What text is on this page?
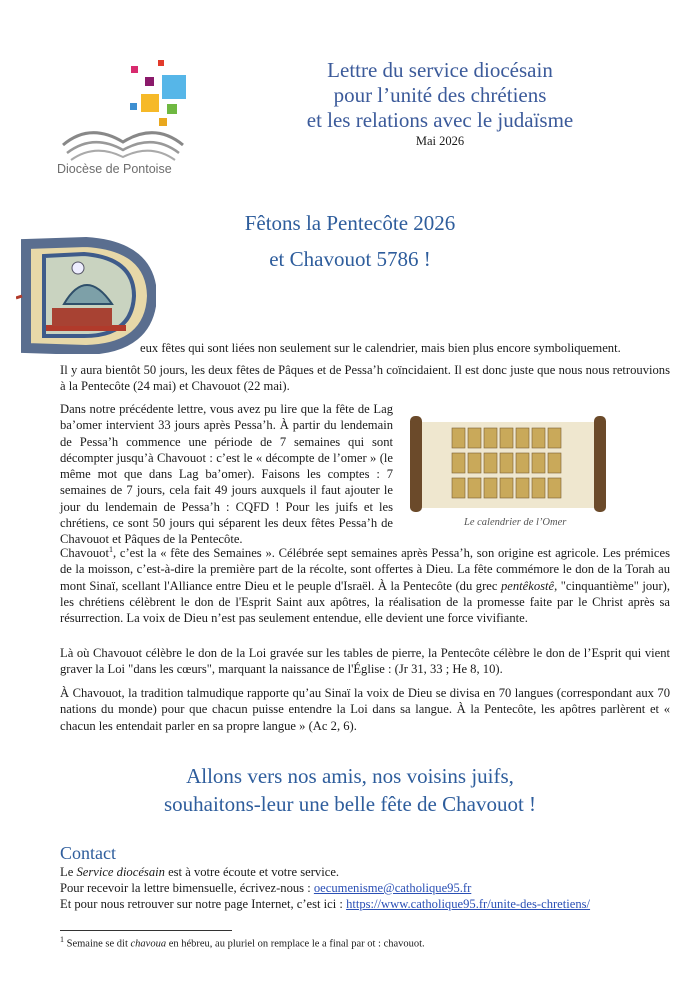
Diocèse de Pontoise
Lettre du service diocésain
pour l’unité des chrétiens
et les relations avec le judaïsme
Mai 2026
Fêtons la Pentecôte 2026
et Chavouot 5786 !
eux fêtes qui sont liées non seulement sur le calendrier, mais bien plus encore symboliquement.
Il y aura bientôt 50 jours, les deux fêtes de Pâques et de Pessa’h coïncidaient. Il est donc juste que nous nous retrouvions à la Pentecôte (24 mai) et Chavouot (22 mai).
Dans notre précédente lettre, vous avez pu lire que la fête de Lag ba’omer intervient 33 jours après Pessa’h. À partir du lendemain de Pessa’h commence une période de 7 semaines qui sont décompter jusqu’à Chavouot : c’est le « décompte de l’omer » (le même mot que dans Lag ba’omer). Faisons les comptes : 7 semaines de 7 jours, cela fait 49 jours auxquels il faut ajouter le jour du lendemain de Pessa’h : CQFD ! Pour les juifs et les chrétiens, ce sont 50 jours qui séparent les deux fêtes Pessa’h de Chavouot et Pâques de la Pentecôte.
Le calendrier de l’Omer
Chavouot$^1$, c’est la « fête des Semaines ». Célébrée sept semaines après Pessa’h, son origine est agricole. Les prémices de la moisson, c’est-à-dire la première part de la récolte, sont offertes à Dieu. La fête commémore le don de la Torah au mont Sinaï, scellant l'Alliance entre Dieu et le peuple d'Israël. À la Pentecôte (du grec pentêkostê, "cinquantième" jour), les chrétiens célèbrent le don de l'Esprit Saint aux apôtres, la réalisation de la promesse faite par le Christ après sa résurrection. La voix de Dieu n’est pas seulement entendue, elle devient une force vivifiante.
Là où Chavouot célèbre le don de la Loi gravée sur les tables de pierre, la Pentecôte célèbre le don de l’Esprit qui vient graver la Loi "dans les cœurs", marquant la naissance de l'Église : (Jr 31, 33 ; He 8, 10).
À Chavouot, la tradition talmudique rapporte qu’au Sinaï la voix de Dieu se divisa en 70 langues (correspondant aux 70 nations du monde) pour que chacun puisse entendre la Loi dans sa langue. À la Pentecôte, les apôtres parlèrent et « chacun les entendait parler en sa propre langue » (Ac 2, 6).
Allons vers nos amis, nos voisins juifs,
souhaitons-leur une belle fête de Chavouot !
Contact
Le Service diocésain est à votre écoute et votre service.
Pour recevoir la lettre bimensuelle, écrivez-nous : oecumenisme@catholique95.fr
Et pour nous retrouver sur notre page Internet, c’est ici : https://www.catholique95.fr/unite-des-chretiens/
$^1$ Semaine se dit chavoua en hébreu, au pluriel on remplace le a final par ot : chavouot.
